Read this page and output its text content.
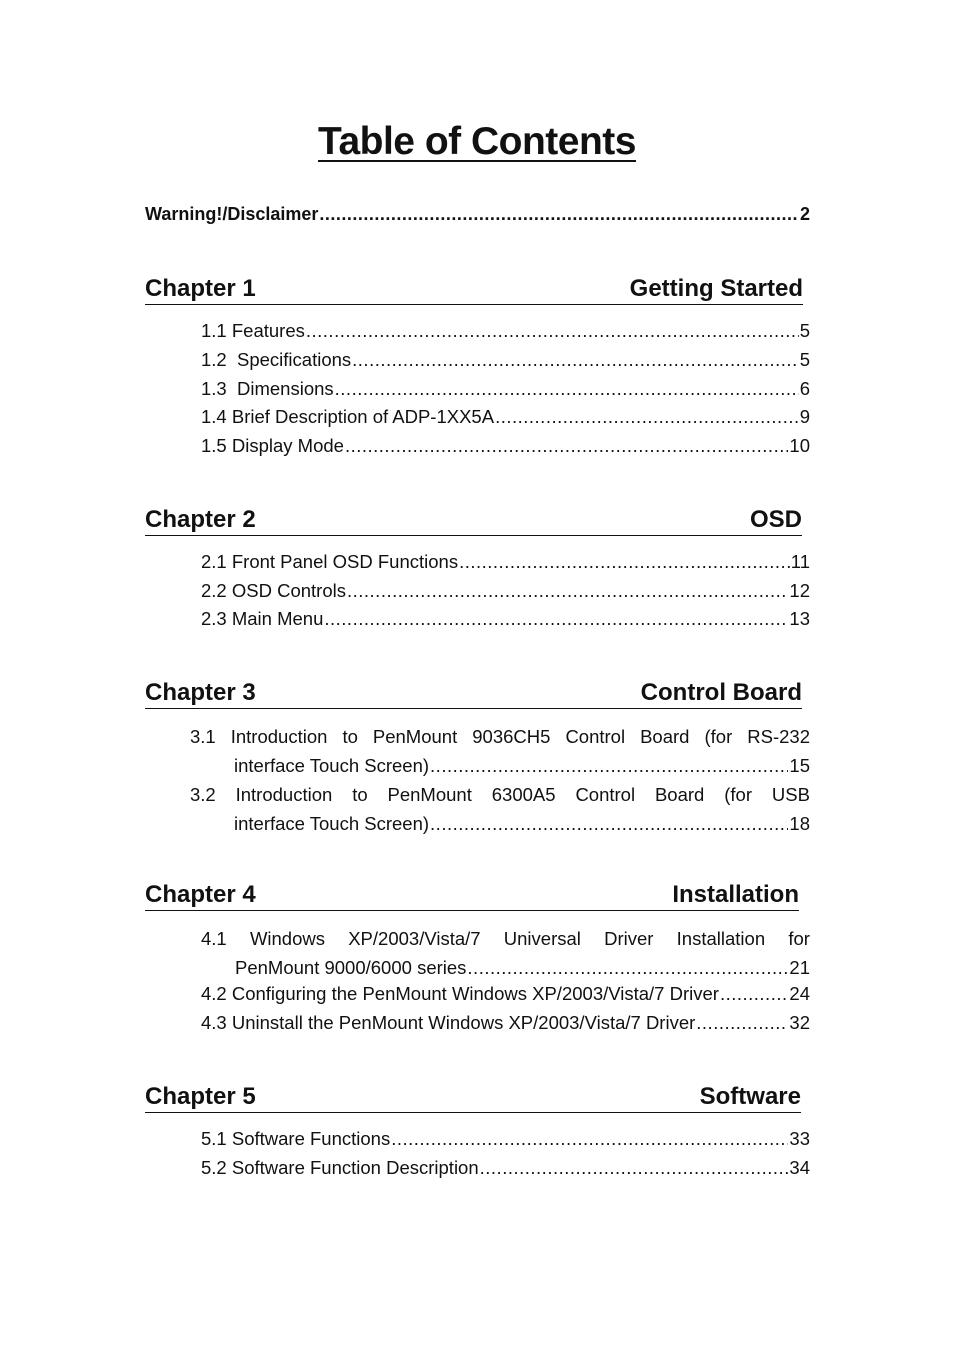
Table of Contents
Warning!/Disclaimer .....	2
Chapter 1	Getting Started
1.1 Features .....	5
1.2  Specifications .....	5
1.3  Dimensions .....	6
1.4 Brief Description of ADP-1XX5A .....	9
1.5 Display Mode .....	10
Chapter 2	OSD
2.1 Front Panel OSD Functions .....	11
2.2 OSD Controls .....	12
2.3 Main Menu .....	13
Chapter 3	Control Board
3.1 Introduction to PenMount 9036CH5 Control Board (for RS-232
interface Touch Screen) .....	15
3.2 Introduction to PenMount 6300A5 Control Board (for USB
interface Touch Screen) .....	18
Chapter 4	Installation
4.1 Windows XP/2003/Vista/7 Universal Driver Installation for
PenMount 9000/6000 series .....	21
4.2 Configuring the PenMount Windows XP/2003/Vista/7 Driver .....	24
4.3 Uninstall the PenMount Windows XP/2003/Vista/7 Driver .....	32
Chapter 5	Software
5.1 Software Functions .....	33
5.2 Software Function Description .....	34
